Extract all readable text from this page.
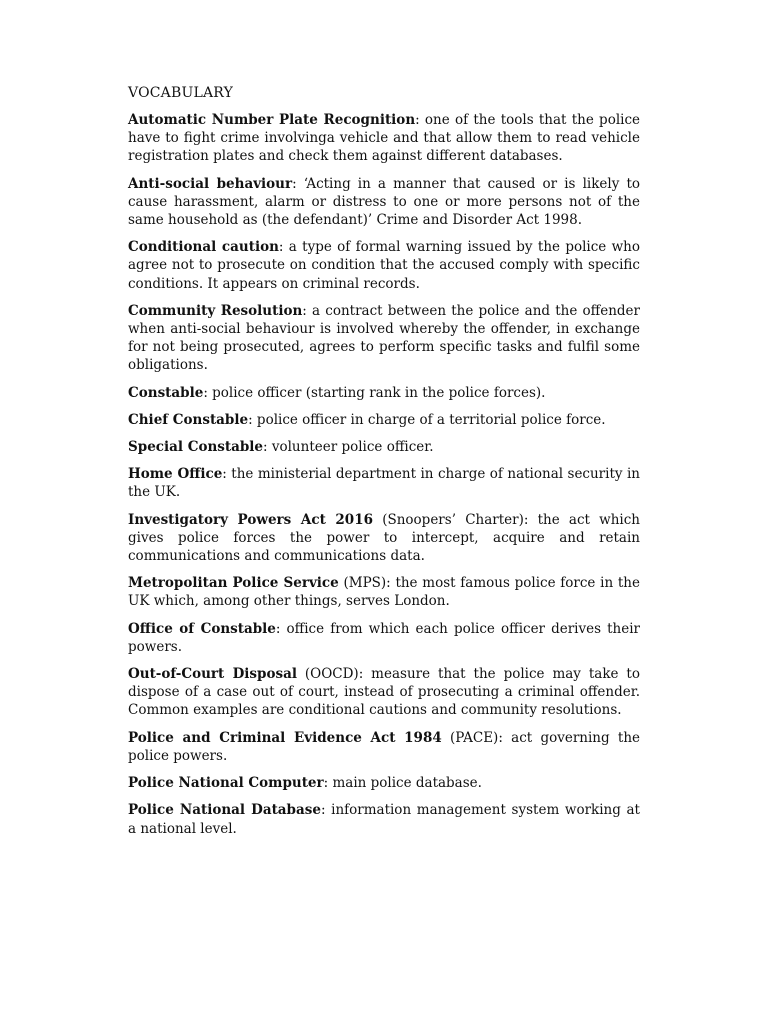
VOCABULARY

Automatic Number Plate Recognition: one of the tools that the police have to fight crime involvinga vehicle and that allow them to read vehicle registration plates and check them against different databases.

Anti-social behaviour: ‘Acting in a manner that caused or is likely to cause harassment, alarm or distress to one or more persons not of the same household as (the defendant)’ Crime and Disorder Act 1998.

Conditional caution: a type of formal warning issued by the police who agree not to prosecute on condition that the accused comply with specific conditions. It appears on criminal records.

Community Resolution: a contract between the police and the offender when anti-social behaviour is involved whereby the offender, in exchange for not being prosecuted, agrees to perform specific tasks and fulfil some obligations.

Constable: police officer (starting rank in the police forces).

Chief Constable: police officer in charge of a territorial police force.

Special Constable: volunteer police officer.

Home Office: the ministerial department in charge of national security in the UK.

Investigatory Powers Act 2016 (Snoopers’ Charter): the act which gives police forces the power to intercept, acquire and retain communications and communications data.

Metropolitan Police Service (MPS): the most famous police force in the UK which, among other things, serves London.

Office of Constable: office from which each police officer derives their powers.

Out-of-Court Disposal (OOCD): measure that the police may take to dispose of a case out of court, instead of prosecuting a criminal offender. Common examples are conditional cautions and community resolutions.

Police and Criminal Evidence Act 1984 (PACE): act governing the police powers.

Police National Computer: main police database.

Police National Database: information management system working at a national level.
